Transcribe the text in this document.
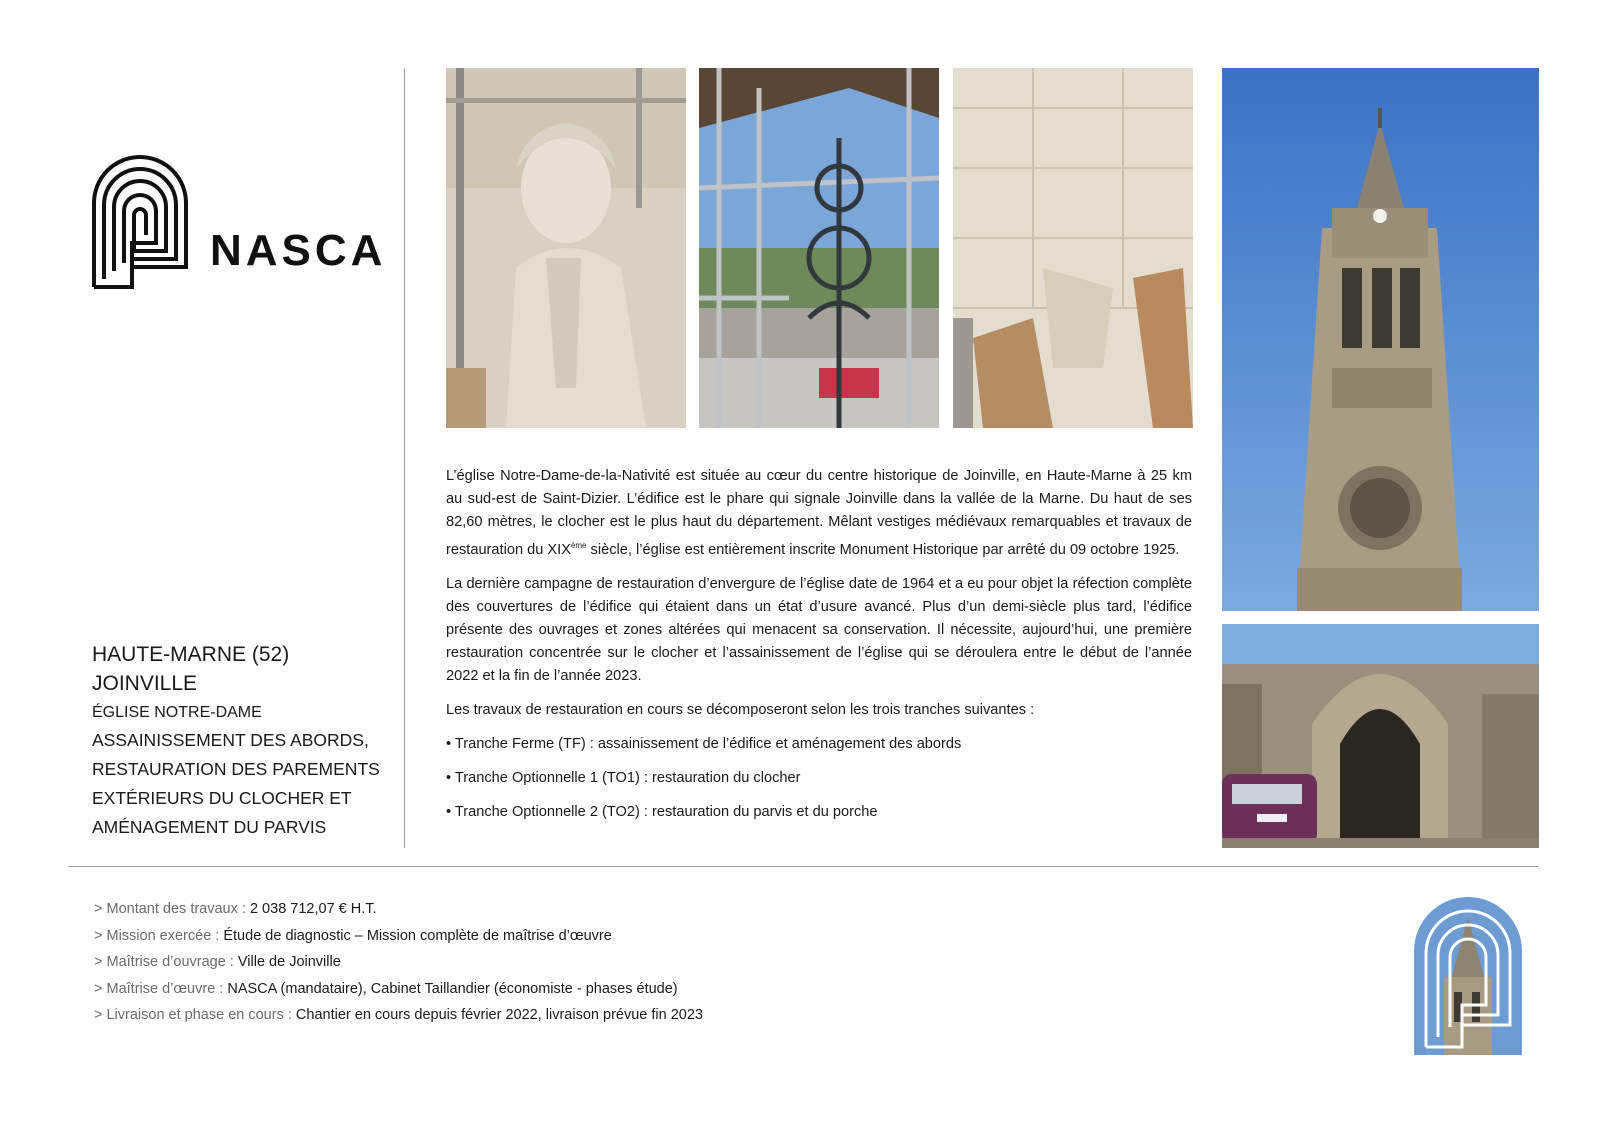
NASCA
HAUTE-MARNE (52)
JOINVILLE
ÉGLISE NOTRE-DAME
ASSAINISSEMENT DES ABORDS,
RESTAURATION DES PAREMENTS
EXTÉRIEURS DU CLOCHER ET
AMÉNAGEMENT DU PARVIS

L’église Notre-Dame-de-la-Nativité est située au cœur du centre historique de Joinville, en Haute-Marne à 25 km au sud-est de Saint-Dizier. L’édifice est le phare qui signale Joinville dans la vallée de la Marne. Du haut de ses 82,60 mètres, le clocher est le plus haut du département. Mêlant vestiges médiévaux remarquables et travaux de restauration du XIXème siècle, l’église est entièrement inscrite Monument Historique par arrêté du 09 octobre 1925.

La dernière campagne de restauration d’envergure de l’église date de 1964 et a eu pour objet la réfection complète des couvertures de l’édifice qui étaient dans un état d’usure avancé. Plus d’un demi-siècle plus tard, l’édifice présente des ouvrages et zones altérées qui menacent sa conservation. Il nécessite, aujourd’hui, une première restauration concentrée sur le clocher et l’assainissement de l’église qui se déroulera entre le début de l’année 2022 et la fin de l’année 2023.

Les travaux de restauration en cours se décomposeront selon les trois tranches suivantes :

• Tranche Ferme (TF) : assainissement de l’édifice et aménagement des abords

• Tranche Optionnelle 1 (TO1) : restauration du clocher

• Tranche Optionnelle 2 (TO2) : restauration du parvis et du porche

> Montant des travaux : 2 038 712,07 € H.T.
> Mission exercée : Étude de diagnostic – Mission complète de maîtrise d’œuvre
> Maîtrise d’ouvrage : Ville de Joinville
> Maîtrise d’œuvre : NASCA (mandataire), Cabinet Taillandier (économiste - phases étude)
> Livraison et phase en cours : Chantier en cours depuis février 2022, livraison prévue fin 2023
